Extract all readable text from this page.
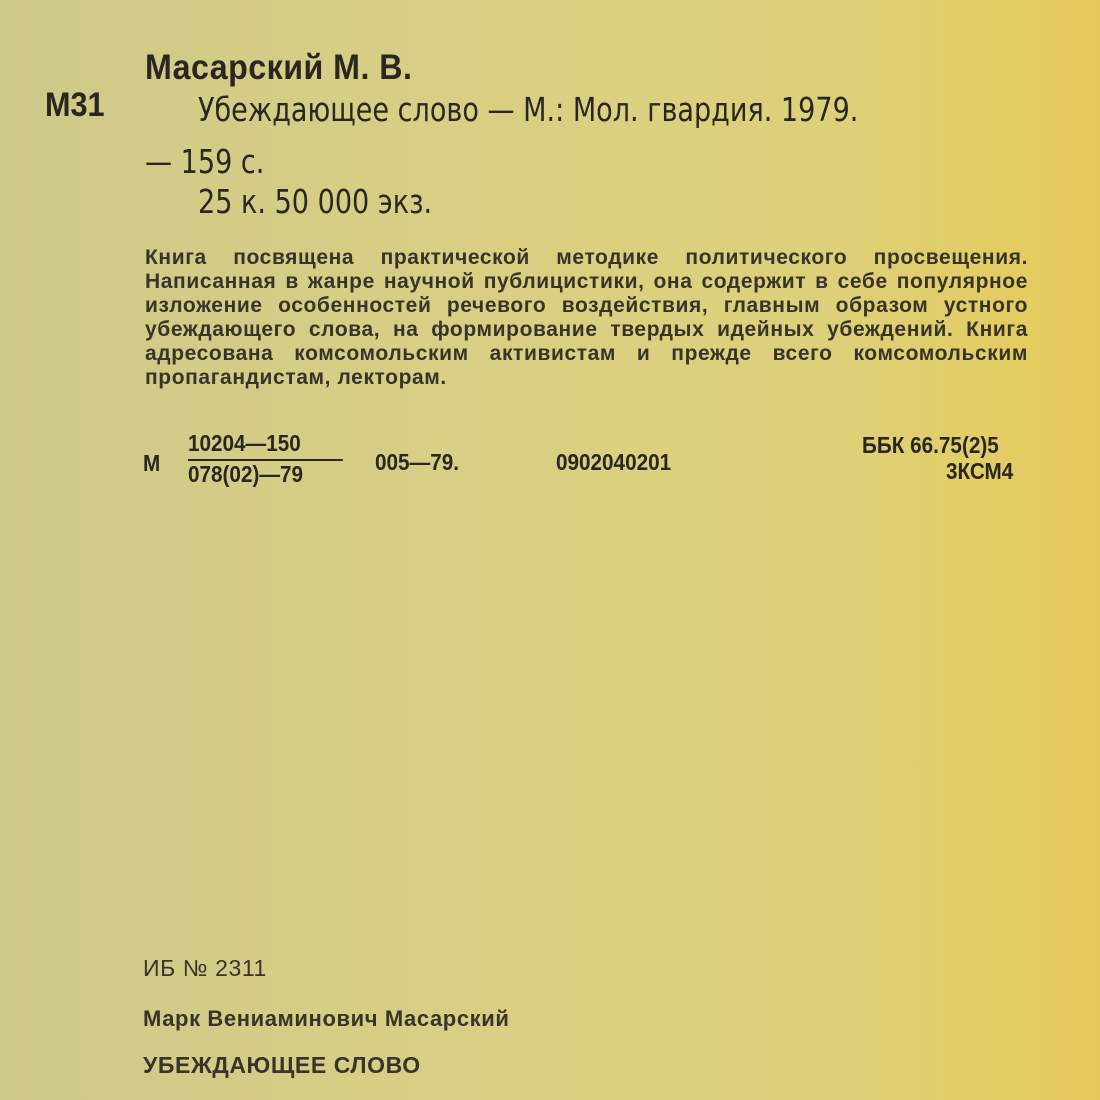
Масарский М. В.
М31	Убеждающее слово — М.: Мол. гвардия. 1979.
— 159 с.
25 к. 50 000 экз.
Книга посвящена практической методике политического просвещения. Написанная в жанре научной публицистики, она содержит в себе популярное изложение особенностей речевого воздействия, главным образом устного убеждающего слова, на формирование твердых идейных убеждений. Книга адресована комсомольским активистам и прежде всего комсомольским пропагандистам, лекторам.
М $\frac{10204—150}{078(02)—79}$ 005—79.	0902040201
ББК 66.75(2)5
3КСМ4
ИБ № 2311
Марк Вениаминович Масарский
УБЕЖДАЮЩЕЕ СЛОВО
